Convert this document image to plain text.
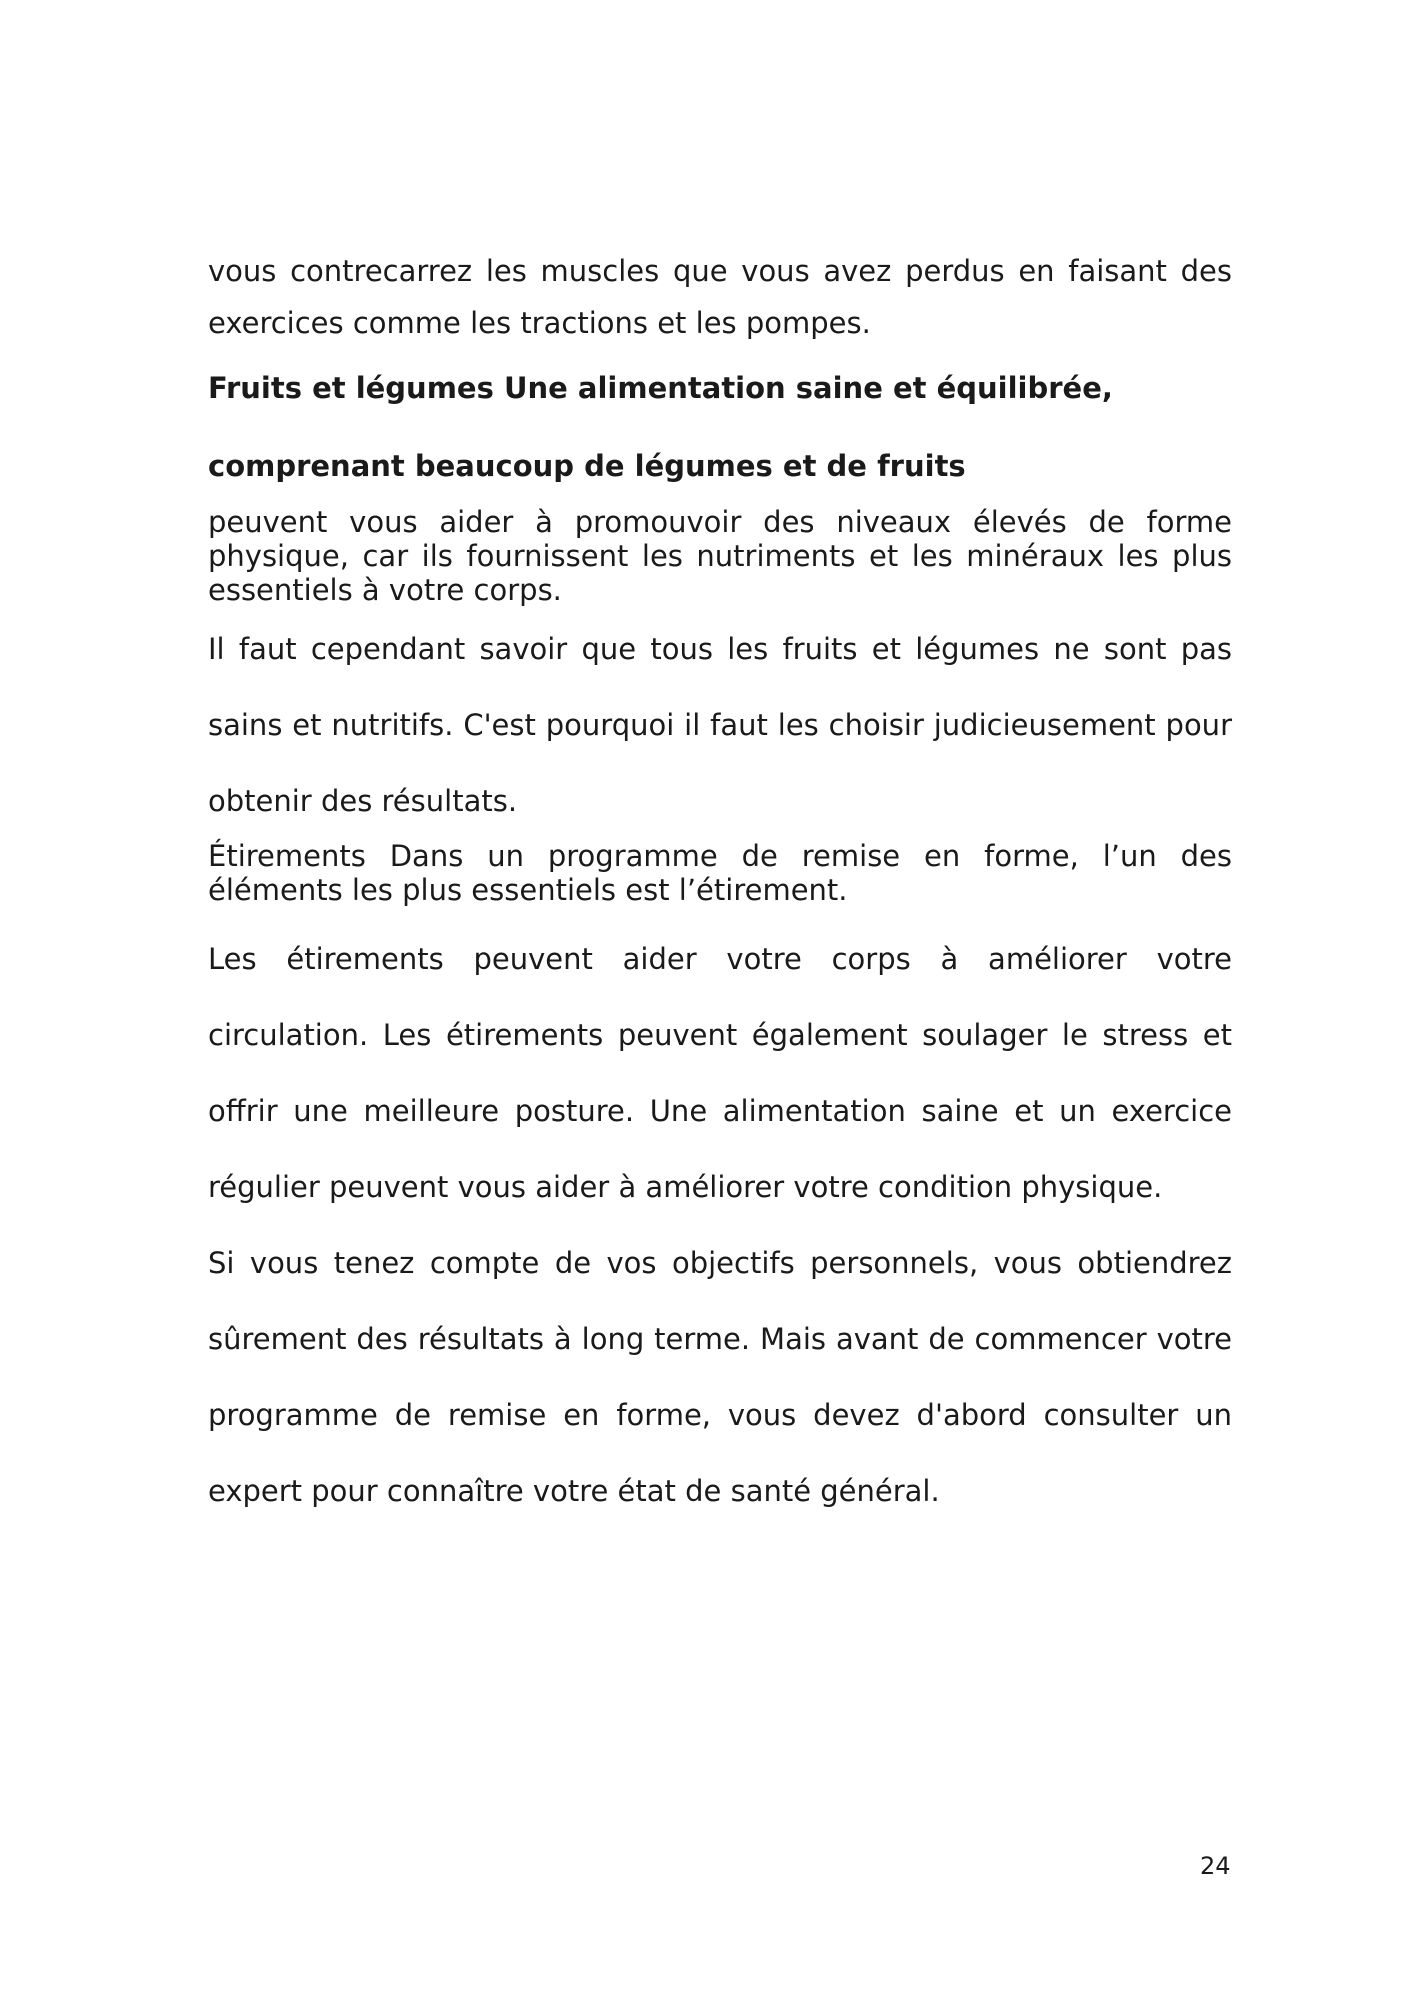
vous contrecarrez les muscles que vous avez perdus en faisant des exercices comme les tractions et les pompes.

Fruits et légumes Une alimentation saine et équilibrée, comprenant beaucoup de légumes et de fruits

peuvent vous aider à promouvoir des niveaux élevés de forme physique, car ils fournissent les nutriments et les minéraux les plus essentiels à votre corps.

Il faut cependant savoir que tous les fruits et légumes ne sont pas sains et nutritifs. C'est pourquoi il faut les choisir judicieusement pour obtenir des résultats.

Étirements Dans un programme de remise en forme, l’un des éléments les plus essentiels est l’étirement.

Les étirements peuvent aider votre corps à améliorer votre circulation. Les étirements peuvent également soulager le stress et offrir une meilleure posture. Une alimentation saine et un exercice régulier peuvent vous aider à améliorer votre condition physique.

Si vous tenez compte de vos objectifs personnels, vous obtiendrez sûrement des résultats à long terme. Mais avant de commencer votre programme de remise en forme, vous devez d'abord consulter un expert pour connaître votre état de santé général.

24
